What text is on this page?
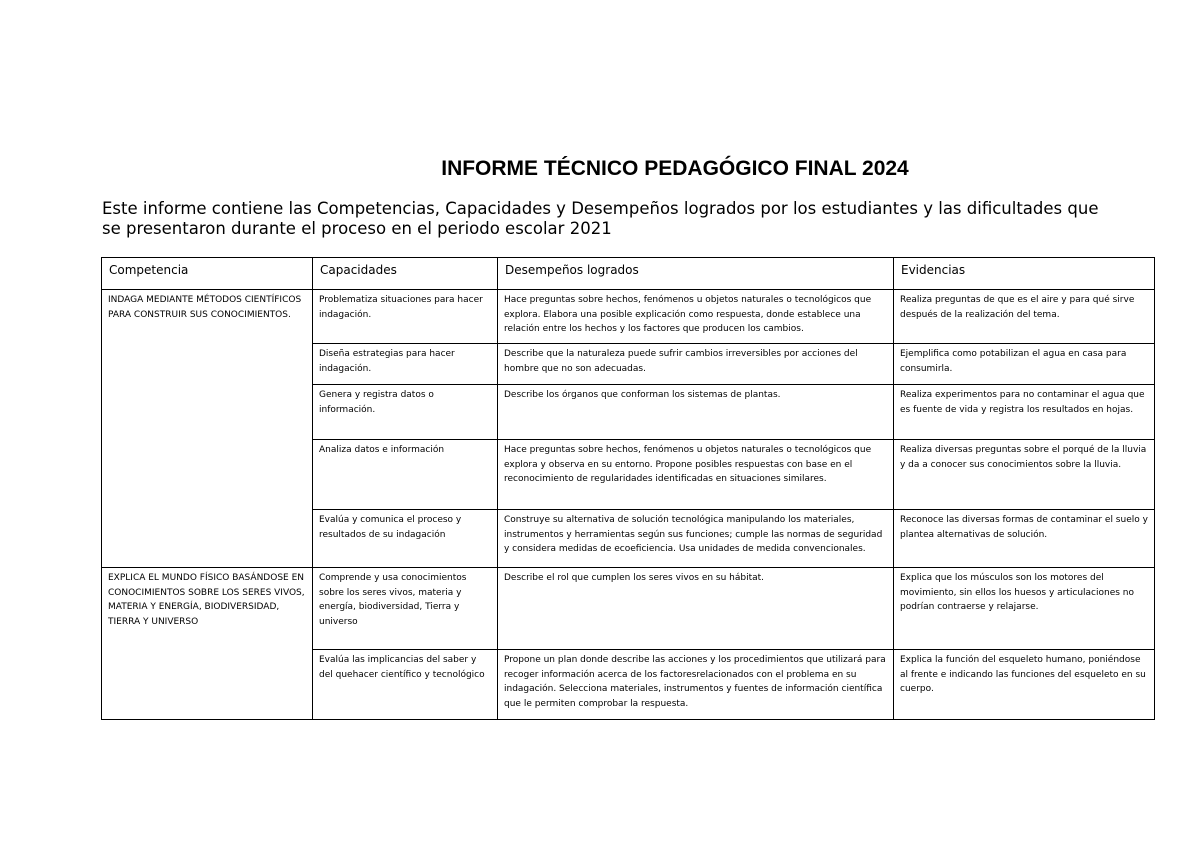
INFORME TÉCNICO PEDAGÓGICO FINAL 2024
Este informe contiene las Competencias, Capacidades y Desempeños logrados por los estudiantes y las dificultades que se presentaron durante el proceso en el periodo escolar 2021
Competencia	Capacidades	Desempeños logrados	Evidencias
INDAGA MEDIANTE MÉTODOS CIENTÍFICOS PARA CONSTRUIR SUS CONOCIMIENTOS.	Problematiza situaciones para hacer indagación.	Hace preguntas sobre hechos, fenómenos u objetos naturales o tecnológicos que explora. Elabora una posible explicación como respuesta, donde establece una relación entre los hechos y los factores que producen los cambios.	Realiza preguntas de que es el aire y para qué sirve después de la realización del tema.
	Diseña estrategias para hacer indagación.	Describe que la naturaleza puede sufrir cambios irreversibles por acciones del hombre que no son adecuadas.	Ejemplifica como potabilizan el agua en casa para consumirla.
	Genera y registra datos o información.	Describe los órganos que conforman los sistemas de plantas.	Realiza experimentos para no contaminar el agua que es fuente de vida y registra los resultados en hojas.
	Analiza datos e información	Hace preguntas sobre hechos, fenómenos u objetos naturales o tecnológicos que explora y observa en su entorno. Propone posibles respuestas con base en el reconocimiento de regularidades identificadas en situaciones similares.	Realiza diversas preguntas sobre el porqué de la lluvia y da a conocer sus conocimientos sobre la lluvia.
	Evalúa y comunica el proceso y resultados de su indagación	Construye su alternativa de solución tecnológica manipulando los materiales, instrumentos y herramientas según sus funciones; cumple las normas de seguridad y considera medidas de ecoeficiencia. Usa unidades de medida convencionales.	Reconoce las diversas formas de contaminar el suelo y plantea alternativas de solución.
EXPLICA EL MUNDO FÍSICO BASÁNDOSE EN CONOCIMIENTOS SOBRE LOS SERES VIVOS, MATERIA Y ENERGÍA, BIODIVERSIDAD, TIERRA Y UNIVERSO	Comprende y usa conocimientos sobre los seres vivos, materia y energía, biodiversidad, Tierra y universo	Describe el rol que cumplen los seres vivos en su hábitat.	Explica que los músculos son los motores del movimiento, sin ellos los huesos y articulaciones no podrían contraerse y relajarse.
	Evalúa las implicancias del saber y del quehacer científico y tecnológico	Propone un plan donde describe las acciones y los procedimientos que utilizará para recoger información acerca de los factoresrelacionados con el problema en su indagación. Selecciona materiales, instrumentos y fuentes de información científica que le permiten comprobar la respuesta.	Explica la función del esqueleto humano, poniéndose al frente e indicando las funciones del esqueleto en su cuerpo.
